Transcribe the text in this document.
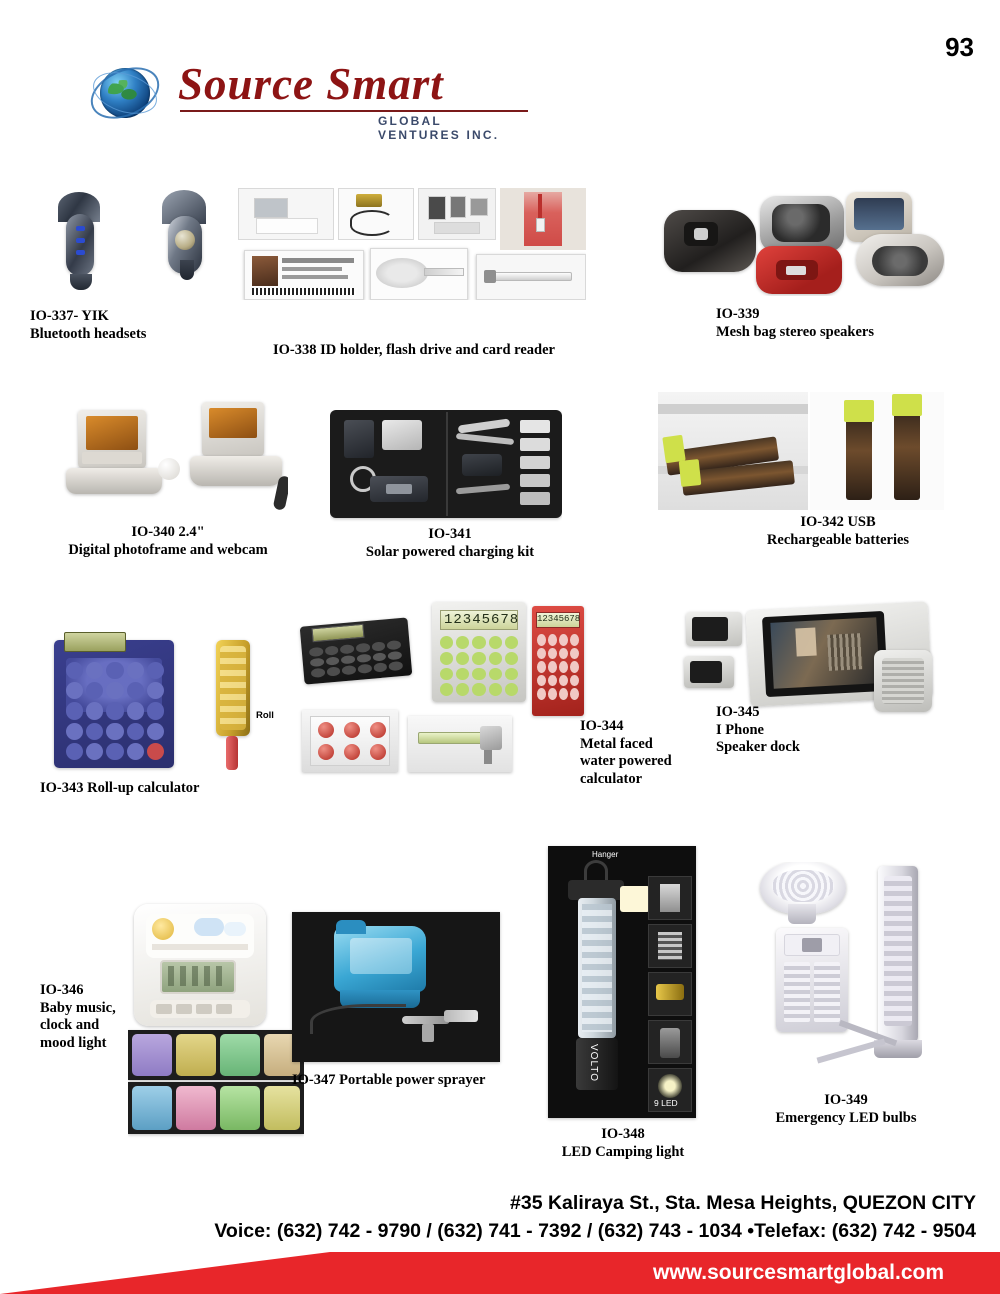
93
Source Smart
GLOBAL VENTURES INC.
IO-337- YIK
Bluetooth headsets
IO-338 ID holder, flash drive and card reader
IO-339
Mesh bag stereo speakers
IO-340 2.4"
Digital photoframe and webcam
IO-341
Solar powered charging kit
IO-342 USB
Rechargeable batteries
Roll
IO-343 Roll-up calculator
12345678 12345678
IO-344
Metal faced
water powered
calculator
IO-345
I Phone
Speaker dock
IO-346
Baby music,
clock and
mood light
IO-347 Portable power sprayer
Hanger
VOLTO
9 LED
IO-348
LED Camping light
IO-349
Emergency LED bulbs
#35 Kaliraya St., Sta. Mesa Heights, QUEZON CITY
Voice: (632) 742 - 9790 / (632) 741 - 7392 / (632) 743 - 1034 •Telefax: (632) 742 - 9504
www.sourcesmartglobal.com
